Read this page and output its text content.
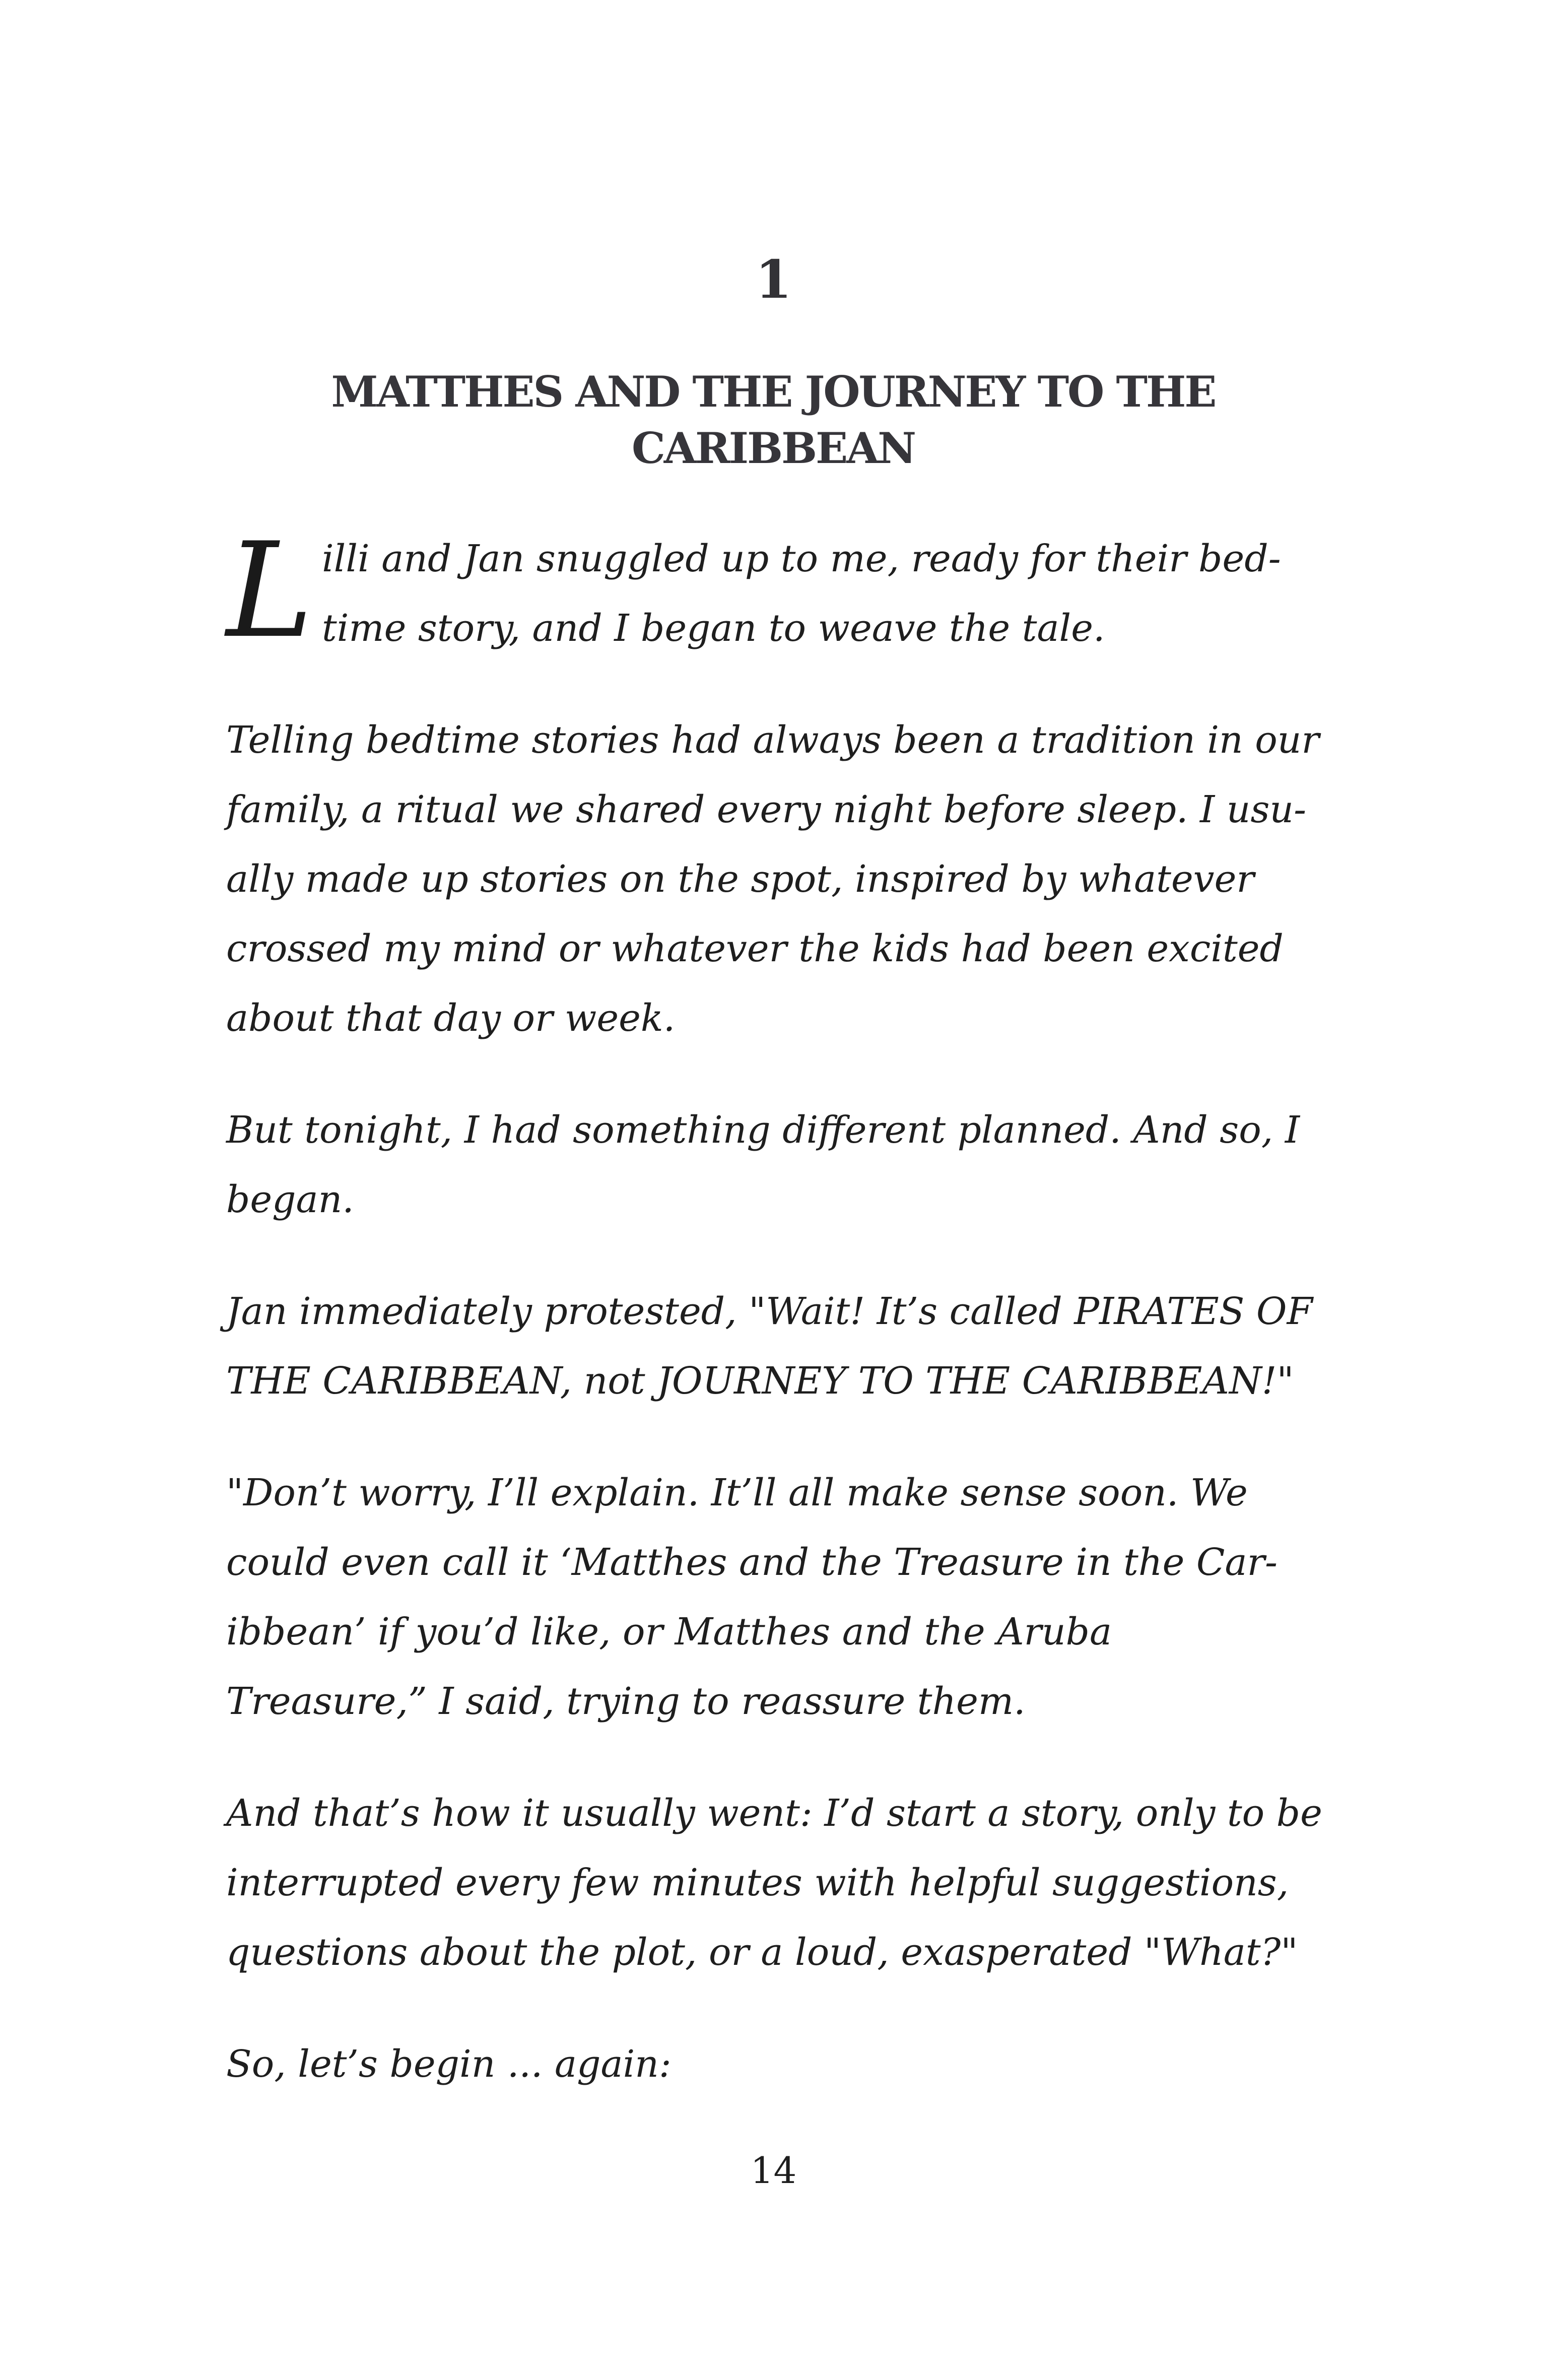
1
MATTHES AND THE JOURNEY TO THE CARIBBEAN
L illi and Jan snuggled up to me, ready for their bed-time story, and I began to weave the tale.

Telling bedtime stories had always been a tradition in our family, a ritual we shared every night before sleep. I usu-ally made up stories on the spot, inspired by whatever crossed my mind or whatever the kids had been excited about that day or week.

But tonight, I had something different planned. And so, I began.

Jan immediately protested, "Wait! It’s called PIRATES OF THE CARIBBEAN, not JOURNEY TO THE CARIBBEAN!"

"Don’t worry, I’ll explain. It’ll all make sense soon. We could even call it ‘Matthes and the Treasure in the Car-ibbean’ if you’d like, or Matthes and the Aruba Treasure,” I said, trying to reassure them.

And that’s how it usually went: I’d start a story, only to be interrupted every few minutes with helpful suggestions, questions about the plot, or a loud, exasperated "What?"

So, let’s begin ... again:

14
